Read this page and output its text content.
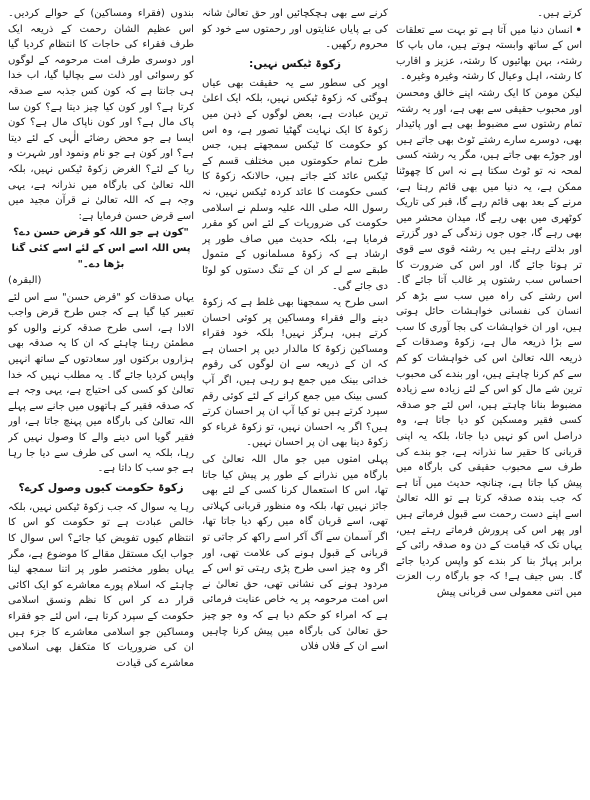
کرتے ہیں۔

•انسان دنیا میں آتا ہے تو بہت سے تعلقات اس کے ساتھ وابستہ ہوتے ہیں، ماں باپ کا رشتہ، بہن بھائیوں کا رشتہ، عزیز و اقارب کا رشتہ، اہل وعیال کا رشتہ وغیرہ وغیرہ۔

لیکن مومن کا ایک رشتہ اپنے خالق ومحسن اور محبوب حقیقی سے بھی ہے، اور یہ رشتہ تمام رشتوں سے مضبوط بھی ہے اور پائیدار بھی، دوسرے سارے رشتے ٹوٹ بھی جاتے ہیں اور جوڑے بھی جاتے ہیں، مگر یہ رشتہ کسی لمحہ نہ تو ٹوٹ سکتا ہے نہ اس کا چھوٹنا ممکن ہے، یہ دنیا میں بھی قائم رہتا ہے، مرنے کے بعد بھی قائم رہے گا، قبر کی تاریک کوٹھری میں بھی رہے گا، میدان محشر میں بھی رہے گا، جوں جوں زندگی کے دور گزرتے اور بدلتے رہتے ہیں یہ رشتہ قوی سے قوی تر ہوتا جائے گا، اور اس کی ضرورت کا احساس سب رشتوں پر غالب آتا جائے گا۔ اس رشتے کی راہ میں سب سے بڑھ کر انسان کی نفسانی خواہشات حائل ہوتی ہیں، اور ان خواہشات کی بجا آوری کا سب سے بڑا ذریعہ مال ہے، زکوۃ وصدقات کے ذریعہ اللہ تعالیٰ اس کی خواہشات کو کم سے کم کرنا چاہتے ہیں، اور بندے کی محبوب ترین شے مال کو اس کے لئے زیادہ سے زیادہ مضبوط بنانا چاہتے ہیں، اس لئے جو صدقہ کسی فقیر ومسکین کو دیا جاتا ہے، وہ دراصل اس کو نہیں دیا جاتا، بلکہ یہ اپنی قربانی کا حقیر سا نذرانہ ہے، جو بندے کی طرف سے محبوب حقیقی کی بارگاہ میں پیش کیا جاتا ہے، چنانچہ حدیث میں آتا ہے کہ جب بندہ صدقہ کرتا ہے تو اللہ تعالیٰ اسے اپنے دست رحمت سے قبول فرماتے ہیں اور پھر اس کی پرورش فرماتے رہتے ہیں، یہاں تک کہ قیامت کے دن وہ صدقہ رائی کے برابر پہاڑ بنا کر بندے کو واپس کردیا جائے گا۔ بس جیف ہے! کہ جو بارگاہ رب العزت میں اتنی معمولی سی قربانی پیش

کرنے سے بھی ہچکچائیں اور حق تعالیٰ شانہ کی بے پایاں عنایتوں اور رحمتوں سے خود کو محروم رکھیں۔

زکوۃ ٹیکس نہیں:

اوپر کی سطور سے یہ حقیقت بھی عیاں ہوگئی کہ زکوۃ ٹیکس نہیں، بلکہ ایک اعلیٰ ترین عبادت ہے، بعض لوگوں کے ذہن میں زکوۃ کا ایک نہایت گھٹیا تصور ہے، وہ اس کو حکومت کا ٹیکس سمجھتے ہیں، جس طرح تمام حکومتوں میں مختلف قسم کے ٹیکس عائد کئے جاتے ہیں، حالانکہ زکوۃ کا کسی حکومت کا عائد کردہ ٹیکس نہیں، نہ رسول اللہ صلی اللہ علیہ وسلم نے اسلامی حکومت کی ضروریات کے لئے اس کو مقرر فرمایا ہے، بلکہ حدیث میں صاف طور پر ارشاد ہے کہ زکوۃ مسلمانوں کے متمول طبقے سے لے کر ان کے تنگ دستوں کو لوٹا دی جائے گی۔

اسی طرح یہ سمجھنا بھی غلط ہے کہ زکوۃ دینے والے فقراء ومساکین پر کوئی احسان کرتے ہیں، ہرگز نہیں! بلکہ خود فقراء ومساکین زکوۃ کا مالدار دیں پر احسان ہے کہ ان کے ذریعہ سے ان لوگوں کی رقوم خدائی بینک میں جمع ہو رہی ہیں، اگر آپ کسی بینک میں جمع کرانے کے لئے کوئی رقم سپرد کرتے ہیں تو کیا آپ ان پر احسان کرتے ہیں؟ اگر یہ احسان نہیں، تو زکوۃ غرباء کو زکوۃ دینا بھی ان پر احسان نہیں۔

پہلی امتوں میں جو مال اللہ تعالیٰ کی بارگاہ میں نذرانے کے طور پر پیش کیا جاتا تھا، اس کا استعمال کرنا کسی کے لئے بھی جائز نہیں تھا، بلکہ وہ منظور قربانی کہلاتی تھی، اسے قربان گاہ میں رکھ دیا جاتا تھا، اگر آسمان سے آگ آکر اسے راکھ کر جاتی تو قربانی کے قبول ہونے کی علامت تھی، اور اگر وہ چیز اسی طرح پڑی رہتی تو اس کے مردود ہونے کی نشانی تھی، حق تعالیٰ نے اس امت مرحومہ پر یہ خاص عنایت فرمائی ہے کہ امراء کو حکم دیا ہے کہ وہ جو چیز حق تعالیٰ کی بارگاہ میں پیش کرنا چاہیں اسے ان کے فلاں فلاں

بندوں (فقراء ومساکین) کے حوالے کردیں۔ اس عظیم الشان رحمت کے ذریعہ ایک طرف فقراء کی حاجات کا انتظام کردیا گیا اور دوسری طرف امت مرحومہ کے لوگوں کو رسوائی اور ذلت سے بچالیا گیا، اب خدا ہی جانتا ہے کہ کون کس جذبہ سے صدقہ کرتا ہے؟ اور کون کیا چیز دیتا ہے؟ کون سا پاک مال ہے؟ اور کون ناپاک مال ہے؟ کون ایسا ہے جو محض رضائے الٰہی کے لئے دیتا ہے؟ اور کون ہے جو نام ونمود اور شہرت و ریا کے لئے؟ الغرض زکوۃ ٹیکس نہیں، بلکہ اللہ تعالیٰ کی بارگاہ میں نذرانہ ہے، یہی وجہ ہے کہ اللہ تعالیٰ نے قرآن مجید میں اسے قرض حسن فرمایا ہے:

"کون ہے جو اللہ کو قرض حسن دے؟ پس اللہ اسے اس کے لئے اسے کئی گنا بڑھا دے۔"

(البقرہ)

یہاں صدقات کو "قرض حسن" سے اس لئے تعبیر کیا گیا ہے کہ جس طرح قرض واجب الادا ہے، اسی طرح صدقہ کرنے والوں کو مطمئن رہنا چاہئے کہ ان کا یہ صدقہ بھی ہزاروں برکتوں اور سعادتوں کے ساتھ انہیں واپس کردیا جائے گا۔ یہ مطلب نہیں کہ خدا تعالیٰ کو کسی کی احتیاج ہے، یہی وجہ ہے کہ صدقہ فقیر کے ہاتھوں میں جانے سے پہلے اللہ تعالیٰ کی بارگاہ میں پہنچ جاتا ہے، اور فقیر گویا اس دینے والے کا وصول نہیں کر رہا، بلکہ یہ اسی کی طرف سے دیا جا رہا ہے جو سب کا داتا ہے۔

زکوۃ حکومت کیوں وصول کرے؟

رہا یہ سوال کہ جب زکوۃ ٹیکس نہیں، بلکہ خالص عبادت ہے تو حکومت کو اس کا انتظام کیوں تفویض کیا جائے؟ اس سوال کا جواب ایک مستقل مقالے کا موضوع ہے، مگر یہاں بطور مختصر طور پر اتنا سمجھ لینا چاہئے کہ اسلام پورے معاشرے کو ایک اکائی قرار دے کر اس کا نظم ونسق اسلامی حکومت کے سپرد کرتا ہے، اس لئے جو فقراء ومساکین جو اسلامی معاشرے کا جزء ہیں ان کی ضروریات کا متکفل بھی اسلامی معاشرے کی قیادت
